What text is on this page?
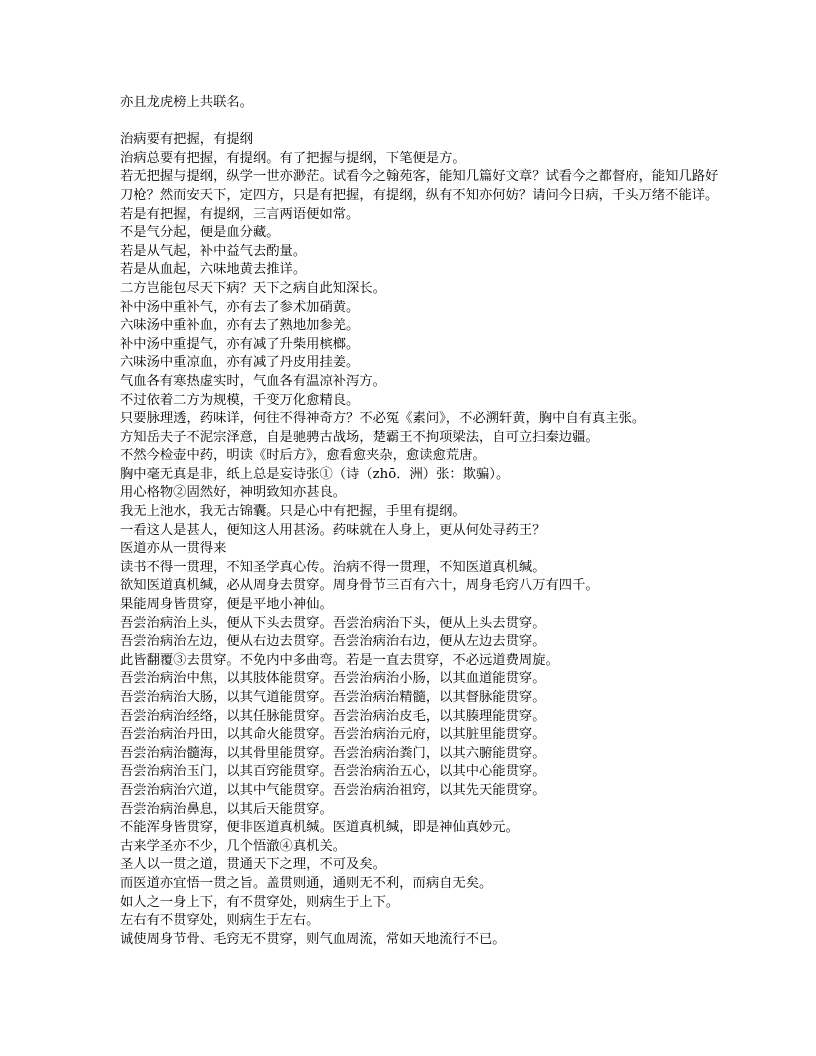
亦且龙虎榜上共联名。
治病要有把握，有提纲
治病总要有把握，有提纲。有了把握与提纲，下笔便是方。
若无把握与提纲，纵学一世亦渺茫。试看今之翰苑客，能知几篇好文章？试看今之都督府，能知几路好刀枪？然而安天下，定四方，只是有把握，有提纲，纵有不知亦何妨？请问今日病，千头万绪不能详。
若是有把握，有提纲，三言两语便如常。
不是气分起，便是血分藏。
若是从气起，补中益气去酌量。
若是从血起，六味地黄去推详。
二方岂能包尽天下病？天下之病自此知深长。
补中汤中重补气，亦有去了参术加硝黄。
六味汤中重补血，亦有去了熟地加参羌。
补中汤中重提气，亦有减了升柴用槟榔。
六味汤中重凉血，亦有减了丹皮用挂姜。
气血各有寒热虚实时，气血各有温凉补泻方。
不过依着二方为规模，千变万化愈精良。
只要脉理透，药味详，何往不得神奇方？不必冤《素问》，不必溯轩黄，胸中自有真主张。
方知岳夫子不泥宗泽意，自是驰骋古战场，楚霸王不拘项梁法，自可立扫秦边疆。
不然今检壶中药，明读《时后方》，愈看愈夹杂，愈读愈荒唐。
胸中毫无真是非，纸上总是妄诗张①（诗（zhō．洲）张：欺骗）。
用心格物②固然好，神明致知亦甚良。
我无上池水，我无古锦囊。只是心中有把握，手里有提纲。
一看这人是甚人，便知这人用甚汤。药味就在人身上，更从何处寻药王？
医道亦从一贯得来
读书不得一贯理，不知圣学真心传。治病不得一贯理，不知医道真机缄。
欲知医道真机缄，必从周身去贯穿。周身骨节三百有六十，周身毛窍八万有四千。
果能周身皆贯穿，便是平地小神仙。
吾尝治病治上头，便从下头去贯穿。吾尝治病治下头，便从上头去贯穿。
吾尝治病治左边，便从右边去贯穿。吾尝治病治右边，便从左边去贯穿。
此皆翻覆③去贯穿。不免内中多曲弯。若是一直去贯穿，不必远道费周旋。
吾尝治病治中焦，以其肢体能贯穿。吾尝治病治小肠，以其血道能贯穿。
吾尝治病治大肠，以其气道能贯穿。吾尝治病治精髓，以其督脉能贯穿。
吾尝治病治经络，以其任脉能贯穿。吾尝治病治皮毛，以其腠理能贯穿。
吾尝治病治丹田，以其命火能贯穿。吾尝治病治元府，以其脏里能贯穿。
吾尝治病治髓海，以其骨里能贯穿。吾尝治病治粪门，以其六腑能贯穿。
吾尝治病治玉门，以其百窍能贯穿。吾尝治病治五心，以其中心能贯穿。
吾尝治病治穴道，以其中气能贯穿。吾尝治病治祖窍，以其先天能贯穿。
吾尝治病治鼻息，以其后天能贯穿。
不能浑身皆贯穿，便非医道真机缄。医道真机缄，即是神仙真妙元。
古来学圣亦不少，几个悟澈④真机关。
圣人以一贯之道，贯通天下之理，不可及矣。
而医道亦宜悟一贯之旨。盖贯则通，通则无不利，而病自无矣。
如人之一身上下，有不贯穿处，则病生于上下。
左右有不贯穿处，则病生于左右。
诚使周身节骨、毛窍无不贯穿，则气血周流，常如天地流行不已。
